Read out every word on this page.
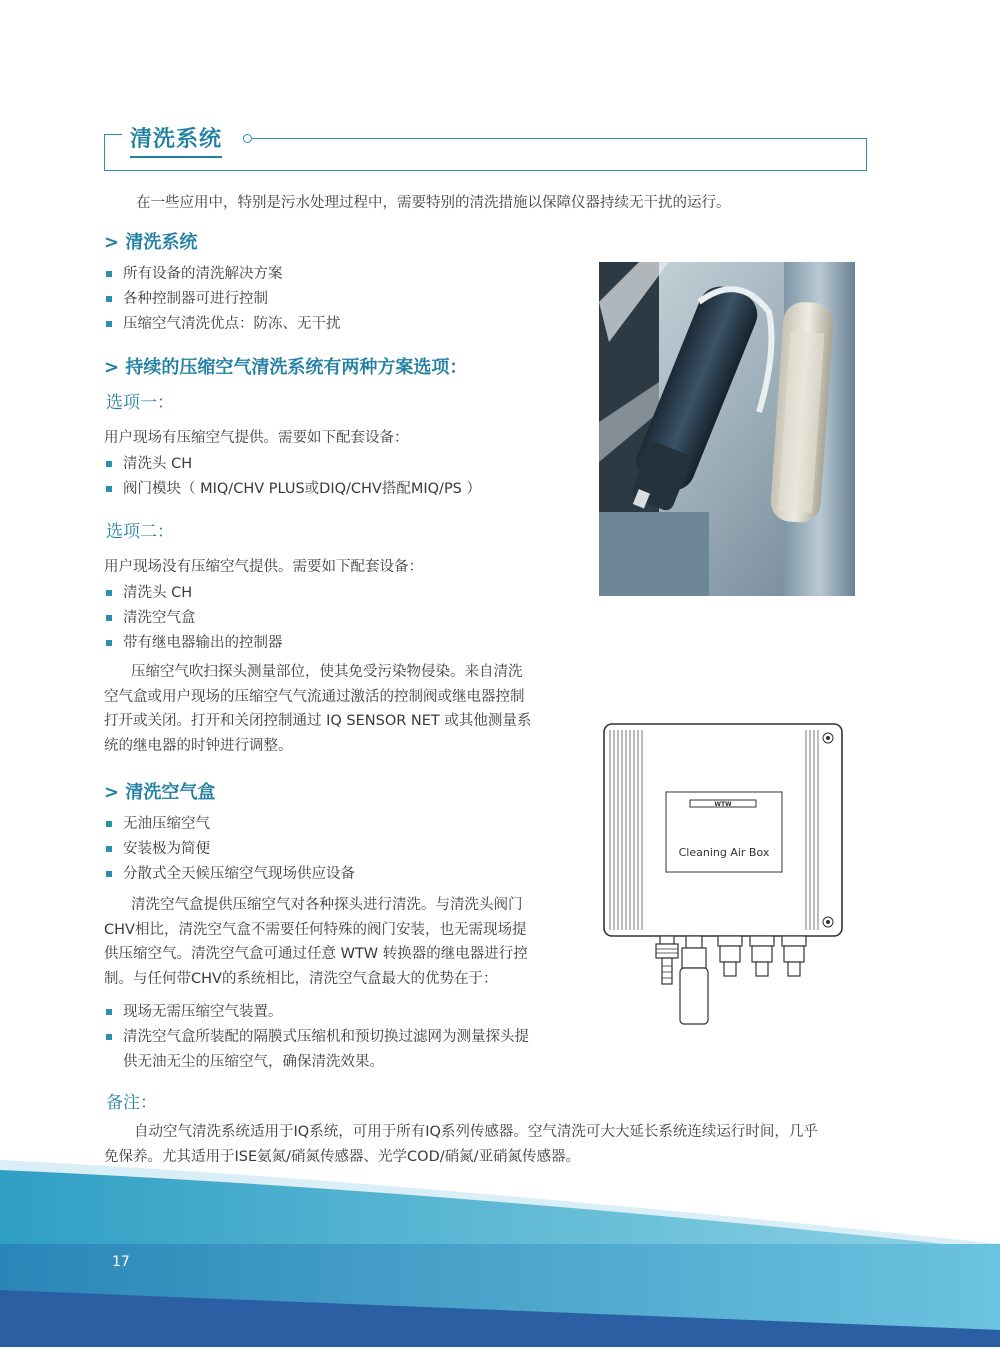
清洗系统
在一些应用中，特别是污水处理过程中，需要特别的清洗措施以保障仪器持续无干扰的运行。
> 清洗系统
所有设备的清洗解决方案
各种控制器可进行控制
压缩空气清洗优点：防冻、无干扰
> 持续的压缩空气清洗系统有两种方案选项：
选项一：
用户现场有压缩空气提供。需要如下配套设备：
清洗头 CH
阀门模块（ MIQ/CHV PLUS或DIQ/CHV搭配MIQ/PS ）
选项二：
用户现场没有压缩空气提供。需要如下配套设备：
清洗头 CH
清洗空气盒
带有继电器输出的控制器
压缩空气吹扫探头测量部位，使其免受污染物侵染。来自清洗
空气盒或用户现场的压缩空气气流通过激活的控制阀或继电器控制
打开或关闭。打开和关闭控制通过 IQ SENSOR NET 或其他测量系
统的继电器的时钟进行调整。
> 清洗空气盒
无油压缩空气
安装极为简便
分散式全天候压缩空气现场供应设备
清洗空气盒提供压缩空气对各种探头进行清洗。与清洗头阀门
CHV相比，清洗空气盒不需要任何特殊的阀门安装，也无需现场提
供压缩空气。清洗空气盒可通过任意 WTW 转换器的继电器进行控
制。与任何带CHV的系统相比，清洗空气盒最大的优势在于：
现场无需压缩空气装置。
清洗空气盒所装配的隔膜式压缩机和预切换过滤网为测量探头提
供无油无尘的压缩空气，确保清洗效果。
备注：
自动空气清洗系统适用于IQ系统，可用于所有IQ系列传感器。空气清洗可大大延长系统连续运行时间，几乎
免保养。尤其适用于ISE氨氮/硝氮传感器、光学COD/硝氮/亚硝氮传感器。
WTW
Cleaning Air Box
17
